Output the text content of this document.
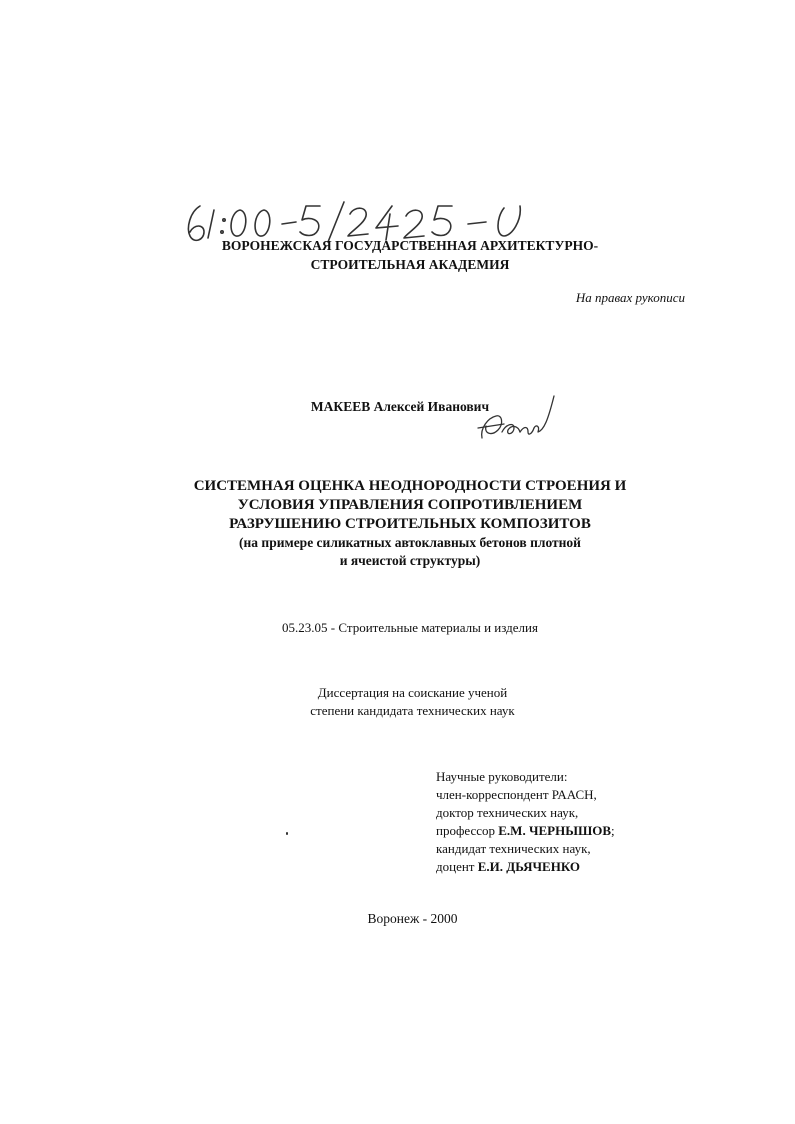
ВОРОНЕЖСКАЯ ГОСУДАРСТВЕННАЯ АРХИТЕКТУРНО-
СТРОИТЕЛЬНАЯ АКАДЕМИЯ
На правах рукописи
МАКЕЕВ Алексей Иванович
СИСТЕМНАЯ ОЦЕНКА НЕОДНОРОДНОСТИ СТРОЕНИЯ И
УСЛОВИЯ УПРАВЛЕНИЯ СОПРОТИВЛЕНИЕМ
РАЗРУШЕНИЮ СТРОИТЕЛЬНЫХ КОМПОЗИТОВ
(на примере силикатных автоклавных бетонов плотной
и ячеистой структуры)
05.23.05 - Строительные материалы и изделия
Диссертация на соискание ученой
степени кандидата технических наук
Научные руководители:
член-корреспондент РААСН,
доктор технических наук,
профессор Е.М. ЧЕРНЫШОВ;
кандидат технических наук,
доцент Е.И. ДЬЯЧЕНКО
Воронеж - 2000
